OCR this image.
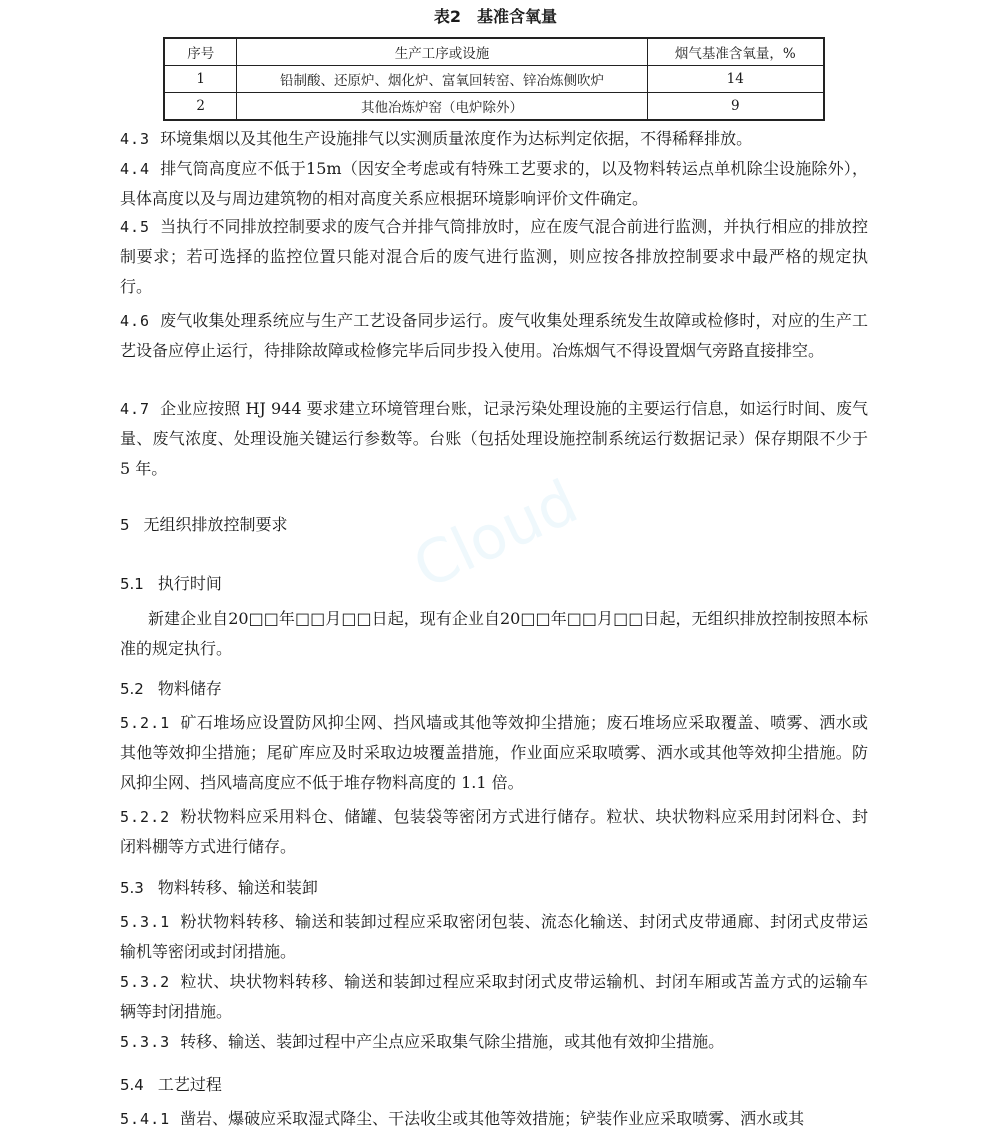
Cloud
表2　基准含氧量
序号	生产工序或设施	烟气基准含氧量，%
1	铅制酸、还原炉、烟化炉、富氧回转窑、锌冶炼侧吹炉	14
2	其他冶炼炉窑（电炉除外）	9

4.3 环境集烟以及其他生产设施排气以实测质量浓度作为达标判定依据，不得稀释排放。

4.4 排气筒高度应不低于15m（因安全考虑或有特殊工艺要求的，以及物料转运点单机除尘设施除外），具体高度以及与周边建筑物的相对高度关系应根据环境影响评价文件确定。

4.5 当执行不同排放控制要求的废气合并排气筒排放时，应在废气混合前进行监测，并执行相应的排放控制要求；若可选择的监控位置只能对混合后的废气进行监测，则应按各排放控制要求中最严格的规定执行。

4.6 废气收集处理系统应与生产工艺设备同步运行。废气收集处理系统发生故障或检修时，对应的生产工艺设备应停止运行，待排除故障或检修完毕后同步投入使用。冶炼烟气不得设置烟气旁路直接排空。

4.7 企业应按照 HJ 944 要求建立环境管理台账，记录污染处理设施的主要运行信息，如运行时间、废气量、废气浓度、处理设施关键运行参数等。台账（包括处理设施控制系统运行数据记录）保存期限不少于 5 年。

5 无组织排放控制要求

5.1 执行时间

新建企业自20□□年□□月□□日起，现有企业自20□□年□□月□□日起，无组织排放控制按照本标准的规定执行。

5.2 物料储存

5.2.1 矿石堆场应设置防风抑尘网、挡风墙或其他等效抑尘措施；废石堆场应采取覆盖、喷雾、洒水或其他等效抑尘措施；尾矿库应及时采取边坡覆盖措施，作业面应采取喷雾、洒水或其他等效抑尘措施。防风抑尘网、挡风墙高度应不低于堆存物料高度的 1.1 倍。

5.2.2 粉状物料应采用料仓、储罐、包装袋等密闭方式进行储存。粒状、块状物料应采用封闭料仓、封闭料棚等方式进行储存。

5.3 物料转移、输送和装卸

5.3.1 粉状物料转移、输送和装卸过程应采取密闭包装、流态化输送、封闭式皮带通廊、封闭式皮带运输机等密闭或封闭措施。

5.3.2 粒状、块状物料转移、输送和装卸过程应采取封闭式皮带运输机、封闭车厢或苫盖方式的运输车辆等封闭措施。

5.3.3 转移、输送、装卸过程中产尘点应采取集气除尘措施，或其他有效抑尘措施。

5.4 工艺过程

5.4.1 凿岩、爆破应采取湿式降尘、干法收尘或其他等效措施；铲装作业应采取喷雾、洒水或其
